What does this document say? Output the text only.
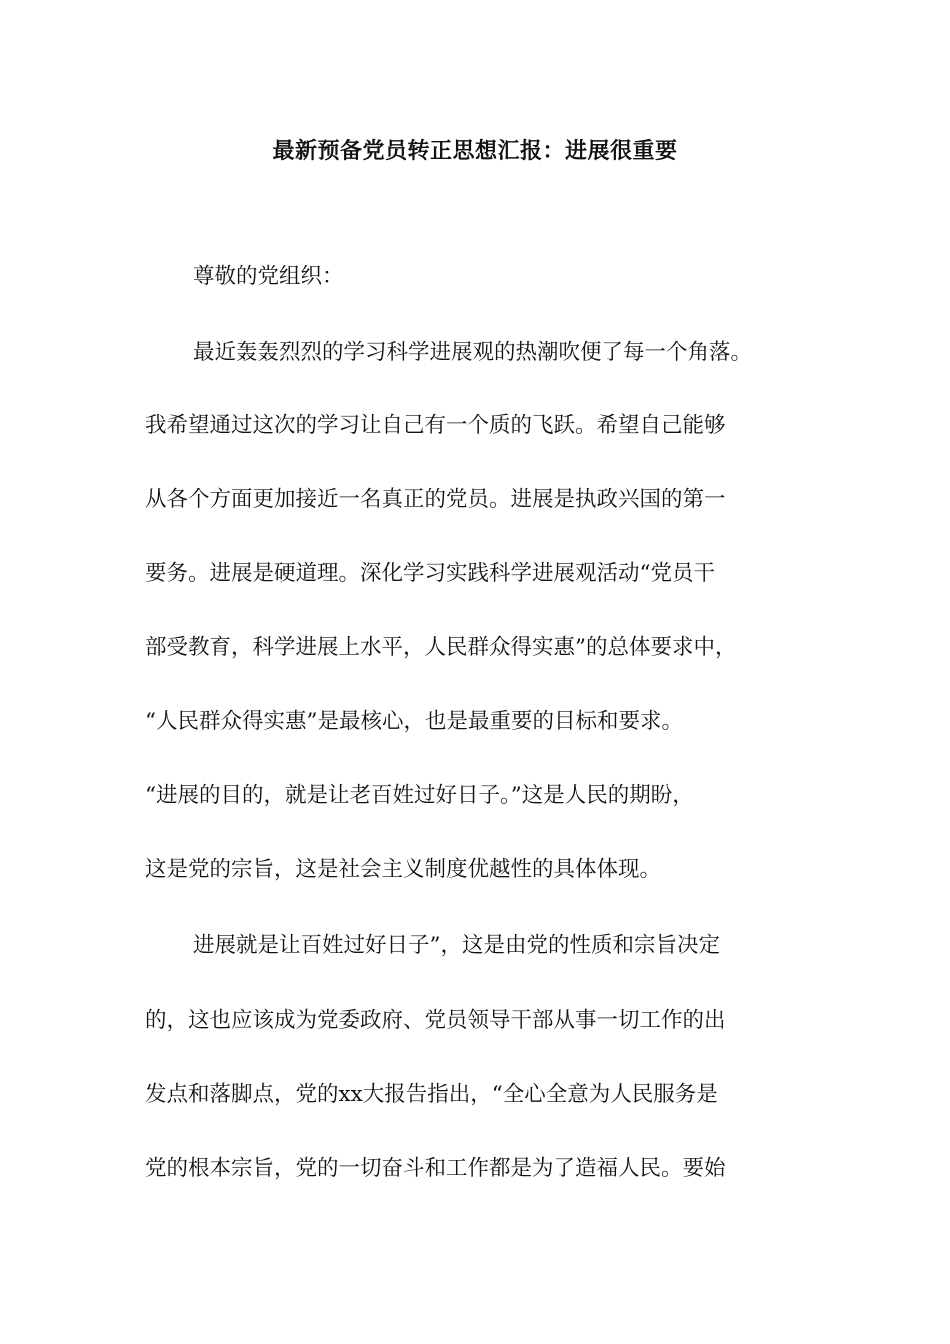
最新预备党员转正思想汇报：进展很重要
尊敬的党组织：
最近轰轰烈烈的学习科学进展观的热潮吹便了每一个角落。
我希望通过这次的学习让自己有一个质的飞跃。希望自己能够
从各个方面更加接近一名真正的党员。进展是执政兴国的第一
要务。进展是硬道理。深化学习实践科学进展观活动“党员干
部受教育，科学进展上水平，人民群众得实惠”的总体要求中，
“人民群众得实惠”是最核心，也是最重要的目标和要求。
“进展的目的，就是让老百姓过好日子。”这是人民的期盼，
这是党的宗旨，这是社会主义制度优越性的具体体现。
进展就是让百姓过好日子”，这是由党的性质和宗旨决定
的，这也应该成为党委政府、党员领导干部从事一切工作的出
发点和落脚点，党的xx大报告指出，“全心全意为人民服务是
党的根本宗旨，党的一切奋斗和工作都是为了造福人民。要始
